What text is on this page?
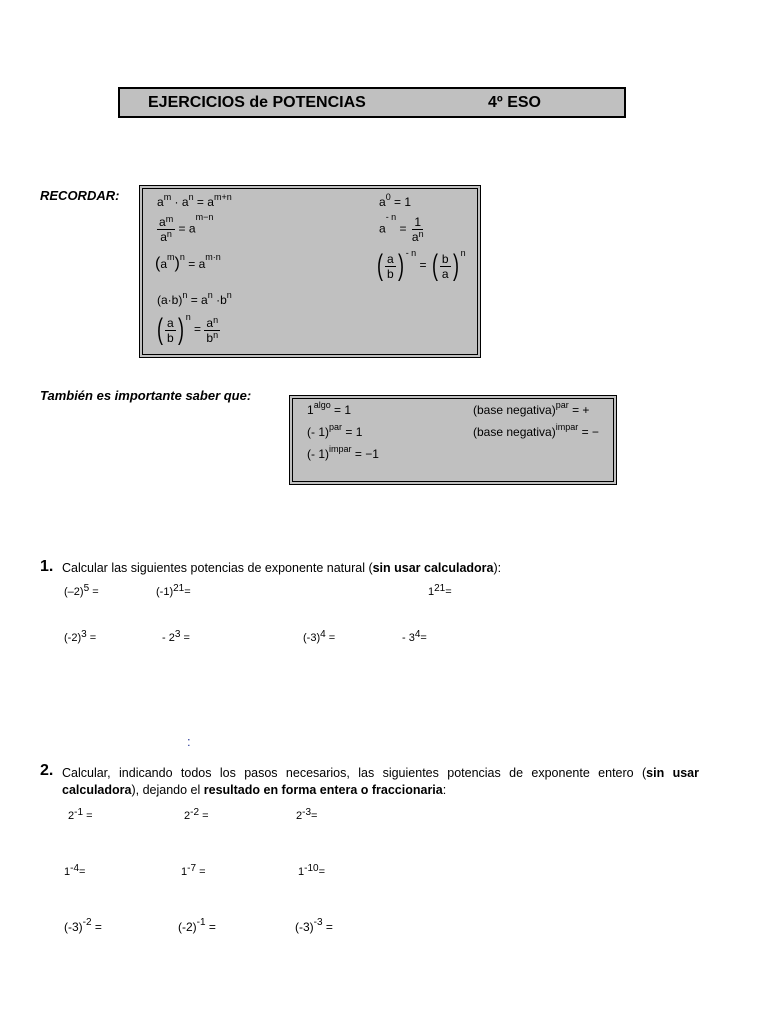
EJERCICIOS de POTENCIAS	4º ESO
RECORDAR:	$a^m \cdot a^n = a^{m+n}$
$\frac{a^m}{a^n} = a^{m-n}$
$(a^m)^n = a^{m\cdot n}$
$(a\cdot b)^n = a^n \cdot b^n$
( $\frac{a}{b}$ ) $^n = \frac{a^n}{b^n}$
$a^0 = 1$
$a^{- n} = \frac{1}{a^n}$
( $\frac{a}{b}$ ) $^{- n}$ = ( $\frac{b}{a}$ ) $^n$
También es importante saber que:
$1^{algo} = 1$
(- 1)$^{par}$ = 1
(- 1)$^{impar}$ = −1
(base negativa)$^{par}$ = +
(base negativa)$^{impar}$ = −
1. Calcular las siguientes potencias de exponente natural (sin usar calculadora):
$(-2)^5$ =	$(-1)^{21}=$	$1^{21}=$
$(-2)^3$ =	- $2^3$ =	$(-3)^4$ =	- $3^4=$
:
2. Calcular, indicando todos los pasos necesarios, las siguientes potencias de exponente entero (sin usar
calculadora), dejando el resultado en forma entera o fraccionaria:
$2^{-1}$ =	$2^{-2}$ =	$2^{-3}=$
$1^{-4}=$	$1^{-7}$ =	$1^{-10}=$
$(-3)^{-2}$ =	$(-2)^{-1}$ =	$(-3)^{-3}$ =
